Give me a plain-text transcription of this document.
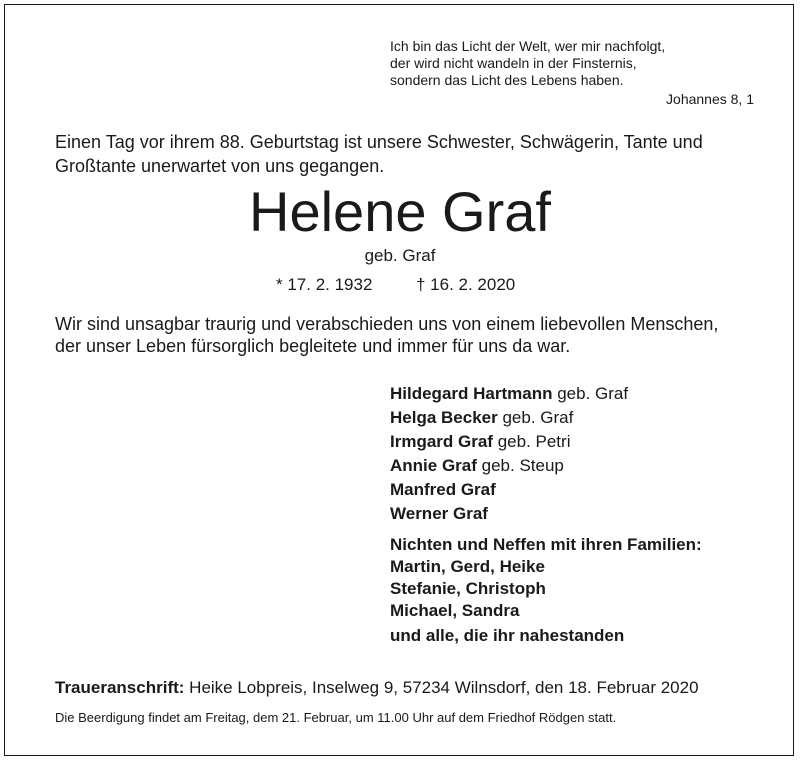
Ich bin das Licht der Welt, wer mir nachfolgt,
der wird nicht wandeln in der Finsternis,
sondern das Licht des Lebens haben.
Johannes 8, 1
Einen Tag vor ihrem 88. Geburtstag ist unsere Schwester, Schwägerin, Tante und
Großtante unerwartet von uns gegangen.
Helene Graf
geb. Graf
* 17. 2. 1932	† 16. 2. 2020
Wir sind unsagbar traurig und verabschieden uns von einem liebevollen Menschen,
der unser Leben fürsorglich begleitete und immer für uns da war.
Hildegard Hartmann geb. Graf
Helga Becker geb. Graf
Irmgard Graf geb. Petri
Annie Graf geb. Steup
Manfred Graf
Werner Graf
Nichten und Neffen mit ihren Familien:
Martin, Gerd, Heike
Stefanie, Christoph
Michael, Sandra
und alle, die ihr nahestanden
Traueranschrift: Heike Lobpreis, Inselweg 9, 57234 Wilnsdorf, den 18. Februar 2020
Die Beerdigung findet am Freitag, dem 21. Februar, um 11.00 Uhr auf dem Friedhof Rödgen statt.
